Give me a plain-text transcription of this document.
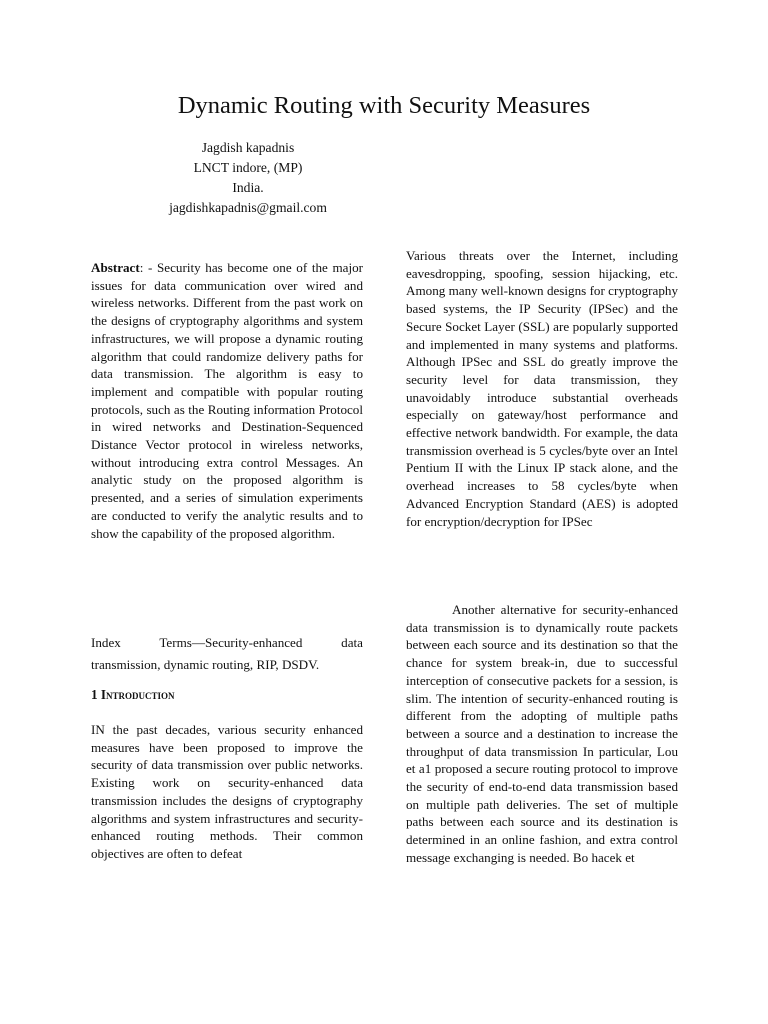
Dynamic Routing with Security Measures
Jagdish kapadnis
LNCT indore, (MP)
India.
jagdishkapadnis@gmail.com

Abstract: - Security has become one of the major issues for data communication over wired and wireless networks. Different from the past work on the designs of cryptography algorithms and system infrastructures, we will propose a dynamic routing algorithm that could randomize delivery paths for data transmission. The algorithm is easy to implement and compatible with popular routing protocols, such as the Routing information Protocol in wired networks and Destination-Sequenced Distance Vector protocol in wireless networks, without introducing extra control Messages. An analytic study on the proposed algorithm is presented, and a series of simulation experiments are conducted to verify the analytic results and to show the capability of the proposed algorithm.

Index Terms—Security-enhanced data transmission, dynamic routing, RIP, DSDV.

1 Introduction

IN the past decades, various security enhanced measures have been proposed to improve the security of data transmission over public networks. Existing work on security-enhanced data transmission includes the designs of cryptography algorithms and system infrastructures and security-enhanced routing methods. Their common objectives are often to defeat

Various threats over the Internet, including eavesdropping, spoofing, session hijacking, etc. Among many well-known designs for cryptography based systems, the IP Security (IPSec) and the Secure Socket Layer (SSL) are popularly supported and implemented in many systems and platforms. Although IPSec and SSL do greatly improve the security level for data transmission, they unavoidably introduce substantial overheads especially on gateway/host performance and effective network bandwidth. For example, the data transmission overhead is 5 cycles/byte over an Intel Pentium II with the Linux IP stack alone, and the overhead increases to 58 cycles/byte when Advanced Encryption Standard (AES) is adopted for encryption/decryption for IPSec

Another alternative for security-enhanced data transmission is to dynamically route packets between each source and its destination so that the chance for system break-in, due to successful interception of consecutive packets for a session, is slim. The intention of security-enhanced routing is different from the adopting of multiple paths between a source and a destination to increase the throughput of data transmission In particular, Lou et a1 proposed a secure routing protocol to improve the security of end-to-end data transmission based on multiple path deliveries. The set of multiple paths between each source and its destination is determined in an online fashion, and extra control message exchanging is needed. Bo hacek et
